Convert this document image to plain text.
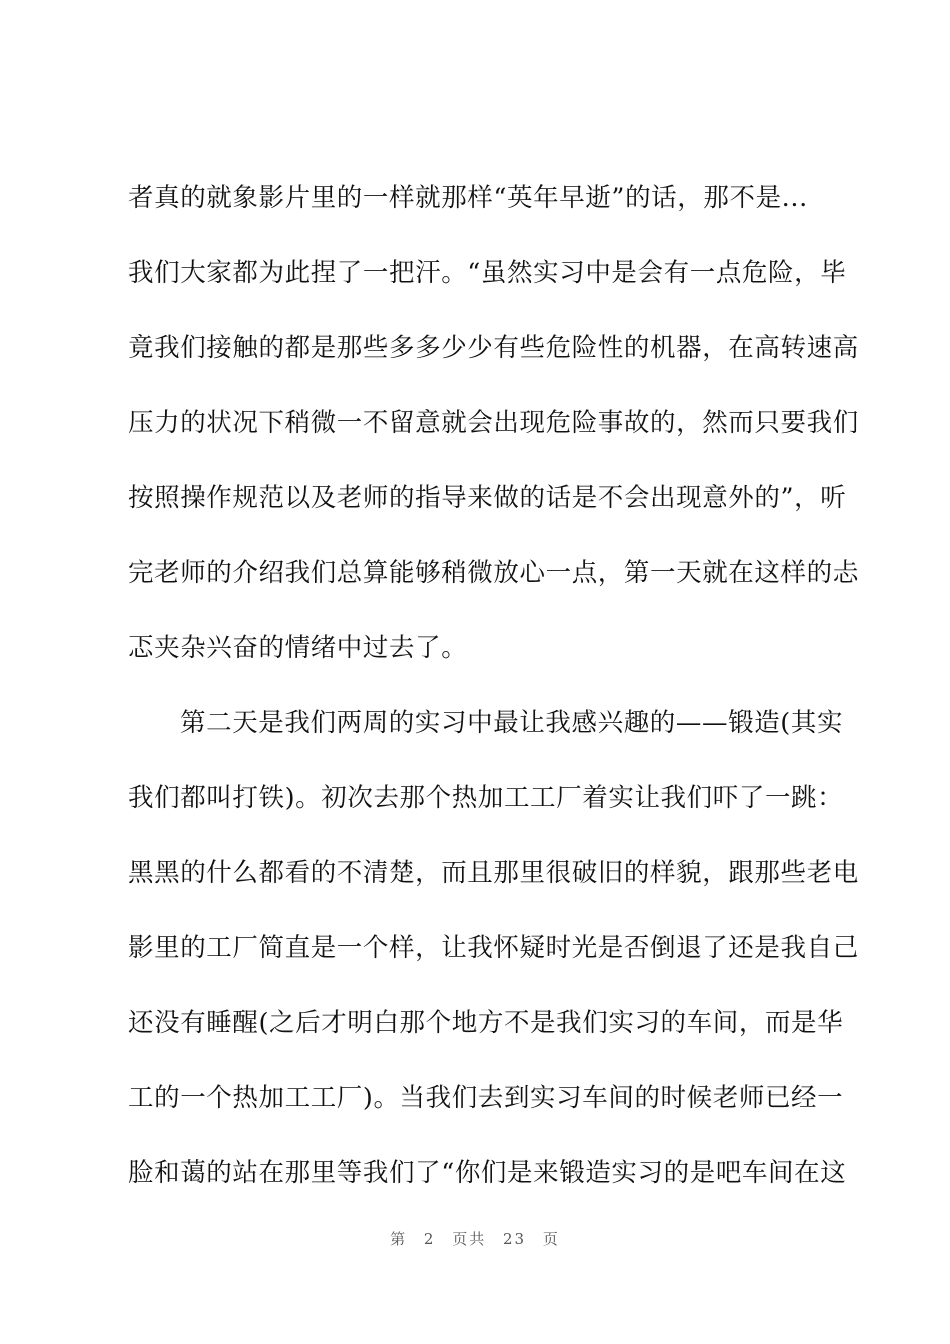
者真的就象影片里的一样就那样“英年早逝”的话，那不是...
我们大家都为此捏了一把汗。“虽然实习中是会有一点危险，毕
竟我们接触的都是那些多多少少有些危险性的机器，在高转速高
压力的状况下稍微一不留意就会出现危险事故的，然而只要我们
按照操作规范以及老师的指导来做的话是不会出现意外的”，听
完老师的介绍我们总算能够稍微放心一点，第一天就在这样的忐
忑夹杂兴奋的情绪中过去了。
第二天是我们两周的实习中最让我感兴趣的——锻造(其实
我们都叫打铁)。初次去那个热加工工厂着实让我们吓了一跳：
黑黑的什么都看的不清楚，而且那里很破旧的样貌，跟那些老电
影里的工厂简直是一个样，让我怀疑时光是否倒退了还是我自己
还没有睡醒(之后才明白那个地方不是我们实习的车间，而是华
工的一个热加工工厂)。当我们去到实习车间的时候老师已经一
脸和蔼的站在那里等我们了“你们是来锻造实习的是吧车间在这
第 2 页共 23 页
